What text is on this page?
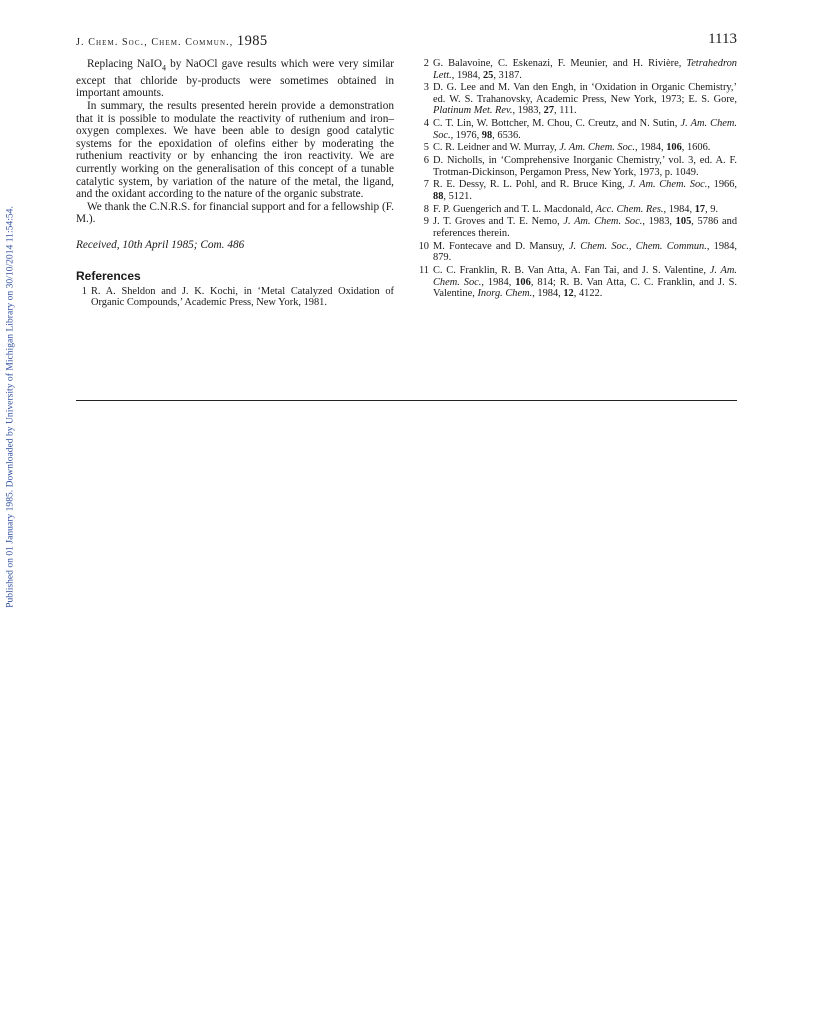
Published on 01 January 1985. Downloaded by University of Michigan Library on 30/10/2014 11:54:54.
J. Chem. Soc., Chem. Commun., 1985	1113

Replacing NaIO$_4$ by NaOCl gave results which were very similar except that chloride by-products were sometimes obtained in important amounts.

In summary, the results presented herein provide a demonstration that it is possible to modulate the reactivity of ruthenium and iron–oxygen complexes. We have been able to design good catalytic systems for the epoxidation of olefins either by moderating the ruthenium reactivity or by enhancing the iron reactivity. We are currently working on the generalisation of this concept of a tunable catalytic system, by variation of the nature of the metal, the ligand, and the oxidant according to the nature of the organic substrate.

We thank the C.N.R.S. for financial support and for a fellowship (F. M.).

Received, 10th April 1985; Com. 486

References
1 R. A. Sheldon and J. K. Kochi, in ‘Metal Catalyzed Oxidation of Organic Compounds,’ Academic Press, New York, 1981.
2 G. Balavoine, C. Eskenazi, F. Meunier, and H. Rivière, Tetrahedron Lett., 1984, 25, 3187.
3 D. G. Lee and M. Van den Engh, in ‘Oxidation in Organic Chemistry,’ ed. W. S. Trahanovsky, Academic Press, New York, 1973; E. S. Gore, Platinum Met. Rev., 1983, 27, 111.
4 C. T. Lin, W. Bottcher, M. Chou, C. Creutz, and N. Sutin, J. Am. Chem. Soc., 1976, 98, 6536.
5 C. R. Leidner and W. Murray, J. Am. Chem. Soc., 1984, 106, 1606.
6 D. Nicholls, in ‘Comprehensive Inorganic Chemistry,’ vol. 3, ed. A. F. Trotman-Dickinson, Pergamon Press, New York, 1973, p. 1049.
7 R. E. Dessy, R. L. Pohl, and R. Bruce King, J. Am. Chem. Soc., 1966, 88, 5121.
8 F. P. Guengerich and T. L. Macdonald, Acc. Chem. Res., 1984, 17, 9.
9 J. T. Groves and T. E. Nemo, J. Am. Chem. Soc., 1983, 105, 5786 and references therein.
10 M. Fontecave and D. Mansuy, J. Chem. Soc., Chem. Commun., 1984, 879.
11 C. C. Franklin, R. B. Van Atta, A. Fan Tai, and J. S. Valentine, J. Am. Chem. Soc., 1984, 106, 814; R. B. Van Atta, C. C. Franklin, and J. S. Valentine, Inorg. Chem., 1984, 12, 4122.
